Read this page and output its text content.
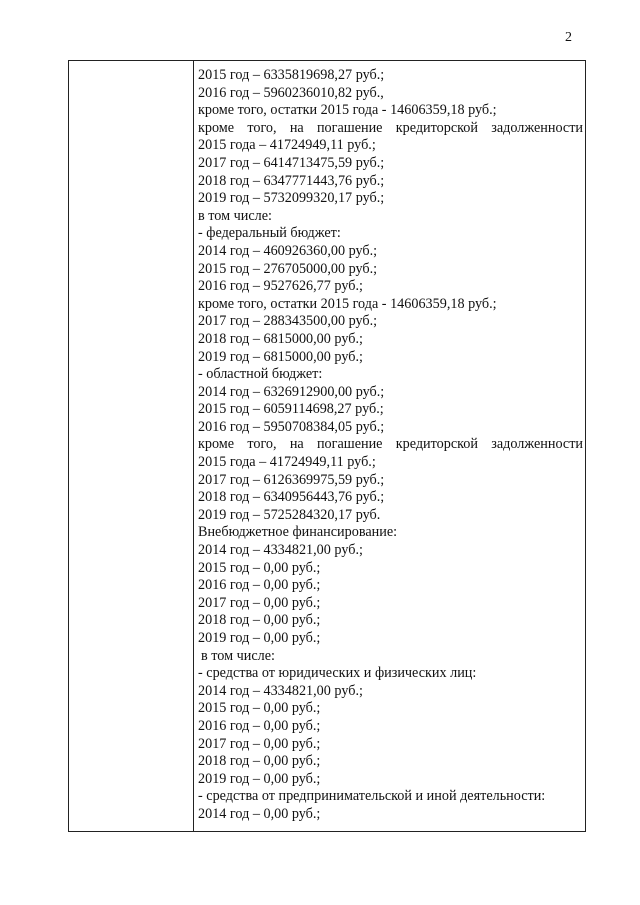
2
2015 год – 6335819698,27 руб.;
2016 год – 5960236010,82 руб.,
кроме того, остатки 2015 года - 14606359,18 руб.;
кроме того, на погашение кредиторской задолженности
2015 года – 41724949,11 руб.;
2017 год – 6414713475,59 руб.;
2018 год – 6347771443,76 руб.;
2019 год – 5732099320,17 руб.;
в том числе:
- федеральный бюджет:
2014 год – 460926360,00 руб.;
2015 год – 276705000,00 руб.;
2016 год – 9527626,77 руб.;
кроме того, остатки 2015 года - 14606359,18 руб.;
2017 год – 288343500,00 руб.;
2018 год – 6815000,00 руб.;
2019 год – 6815000,00 руб.;
- областной бюджет:
2014 год – 6326912900,00 руб.;
2015 год – 6059114698,27 руб.;
2016 год – 5950708384,05 руб.;
кроме того, на погашение кредиторской задолженности
2015 года – 41724949,11 руб.;
2017 год – 6126369975,59 руб.;
2018 год – 6340956443,76 руб.;
2019 год – 5725284320,17 руб.
Внебюджетное финансирование:
2014 год – 4334821,00 руб.;
2015 год – 0,00 руб.;
2016 год – 0,00 руб.;
2017 год – 0,00 руб.;
2018 год – 0,00 руб.;
2019 год – 0,00 руб.;
в том числе:
- средства от юридических и физических лиц:
2014 год – 4334821,00 руб.;
2015 год – 0,00 руб.;
2016 год – 0,00 руб.;
2017 год – 0,00 руб.;
2018 год – 0,00 руб.;
2019 год – 0,00 руб.;
- средства от предпринимательской и иной деятельности:
2014 год – 0,00 руб.;
